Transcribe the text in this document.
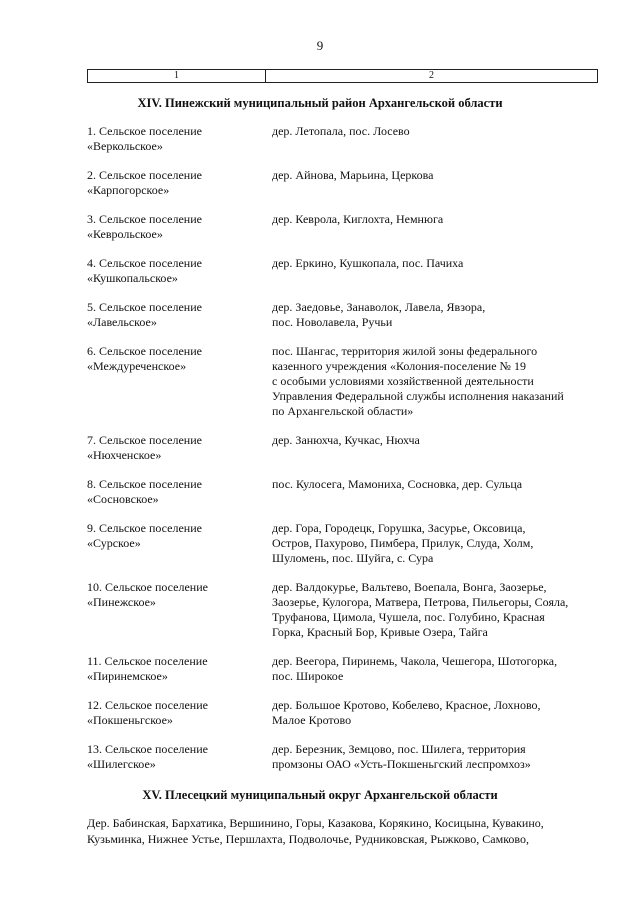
9
1	2
XIV. Пинежский муниципальный район Архангельской области
1. Сельское поселение
«Веркольское»
дер. Летопала, пос. Лосево
2. Сельское поселение
«Карпогорское»
дер. Айнова, Марьина, Церкова
3. Сельское поселение
«Кеврольское»
дер. Кеврола, Киглохта, Немнюга
4. Сельское поселение
«Кушкопальское»
дер. Еркино, Кушкопала, пос. Пачиха
5. Сельское поселение
«Лавельское»
дер. Заедовье, Занаволок, Лавела, Явзора,
пос. Новолавела, Ручьи
6. Сельское поселение
«Междуреченское»
пос. Шангас, территория жилой зоны федерального
казенного учреждения «Колония-поселение № 19
с особыми условиями хозяйственной деятельности
Управления Федеральной службы исполнения наказаний
по Архангельской области»
7. Сельское поселение
«Нюхченское»
дер. Занюхча, Кучкас, Нюхча
8. Сельское поселение
«Сосновское»
пос. Кулосега, Мамониха, Сосновка, дер. Сульца
9. Сельское поселение
«Сурское»
дер. Гора, Городецк, Горушка, Засурье, Оксовица,
Остров, Пахурово, Пимбера, Прилук, Слуда, Холм,
Шуломень, пос. Шуйга, с. Сура
10. Сельское поселение
«Пинежское»
дер. Валдокурье, Вальтево, Воепала, Вонга, Заозерье,
Заозерье, Кулогора, Матвера, Петрова, Пильегоры, Сояла,
Труфанова, Цимола, Чушела, пос. Голубино, Красная
Горка, Красный Бор, Кривые Озера, Тайга
11. Сельское поселение
«Пиринемское»
дер. Веегора, Пиринемь, Чакола, Чешегора, Шотогорка,
пос. Широкое
12. Сельское поселение
«Покшеньгское»
дер. Большое Кротово, Кобелево, Красное, Лохново,
Малое Кротово
13. Сельское поселение
«Шилегское»
дер. Березник, Земцово, пос. Шилега, территория
промзоны ОАО «Усть-Покшеньгский леспромхоз»
XV. Плесецкий муниципальный округ Архангельской области
Дер. Бабинская, Бархатика, Вершинино, Горы, Казакова, Корякино, Косицына, Кувакино,
Кузьминка, Нижнее Устье, Першлахта, Подволочье, Рудниковская, Рыжково, Самково,
